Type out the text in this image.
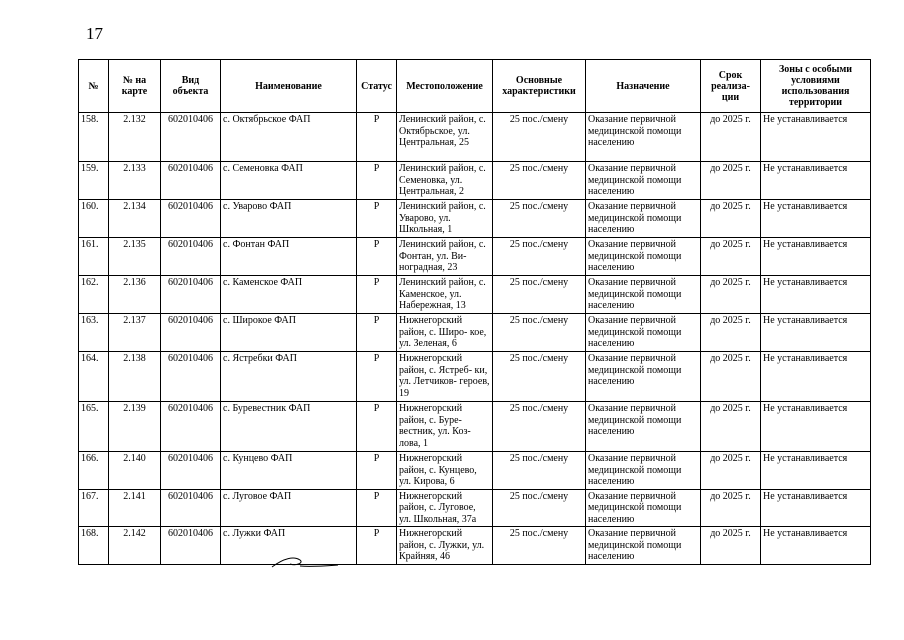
17
№	№ на карте	Вид объекта	Наименование	Статус	Местоположение	Основные характеристики	Назначение	Срок реализа- ции	Зоны с особыми условиями использования территории
158.	2.132	602010406	с. Октябрьское ФАП	Р	Ленинский район, с. Октябрьское, ул. Центральная, 25	25 пос./смену	Оказание первичной медицинской помощи населению	до 2025 г.	Не устанавливается
159.	2.133	602010406	с. Семеновка ФАП	Р	Ленинский район, с. Семеновка, ул. Центральная, 2	25 пос./смену	Оказание первичной медицинской помощи населению	до 2025 г.	Не устанавливается
160.	2.134	602010406	с. Уварово ФАП	Р	Ленинский район, с. Уварово, ул. Школьная, 1	25 пос./смену	Оказание первичной медицинской помощи населению	до 2025 г.	Не устанавливается
161.	2.135	602010406	с. Фонтан ФАП	Р	Ленинский район, с. Фонтан, ул. Ви- ноградная, 23	25 пос./смену	Оказание первичной медицинской помощи населению	до 2025 г.	Не устанавливается
162.	2.136	602010406	с. Каменское ФАП	Р	Ленинский район, с. Каменское, ул. Набережная, 13	25 пос./смену	Оказание первичной медицинской помощи населению	до 2025 г.	Не устанавливается
163.	2.137	602010406	с. Широкое ФАП	Р	Нижнегорский район, с. Широ- кое, ул. Зеленая, 6	25 пос./смену	Оказание первичной медицинской помощи населению	до 2025 г.	Не устанавливается
164.	2.138	602010406	с. Ястребки ФАП	Р	Нижнегорский район, с. Ястреб- ки, ул. Летчиков- героев, 19	25 пос./смену	Оказание первичной медицинской помощи населению	до 2025 г.	Не устанавливается
165.	2.139	602010406	с. Буревестник ФАП	Р	Нижнегорский район, с. Буре- вестник, ул. Коз- лова, 1	25 пос./смену	Оказание первичной медицинской помощи населению	до 2025 г.	Не устанавливается
166.	2.140	602010406	с. Кунцево ФАП	Р	Нижнегорский район, с. Кунцево, ул. Кирова, 6	25 пос./смену	Оказание первичной медицинской помощи населению	до 2025 г.	Не устанавливается
167.	2.141	602010406	с. Луговое ФАП	Р	Нижнегорский район, с. Луговое, ул. Школьная, 37а	25 пос./смену	Оказание первичной медицинской помощи населению	до 2025 г.	Не устанавливается
168.	2.142	602010406	с. Лужки ФАП	Р	Нижнегорский район, с. Лужки, ул. Крайняя, 46	25 пос./смену	Оказание первичной медицинской помощи населению	до 2025 г.	Не устанавливается
